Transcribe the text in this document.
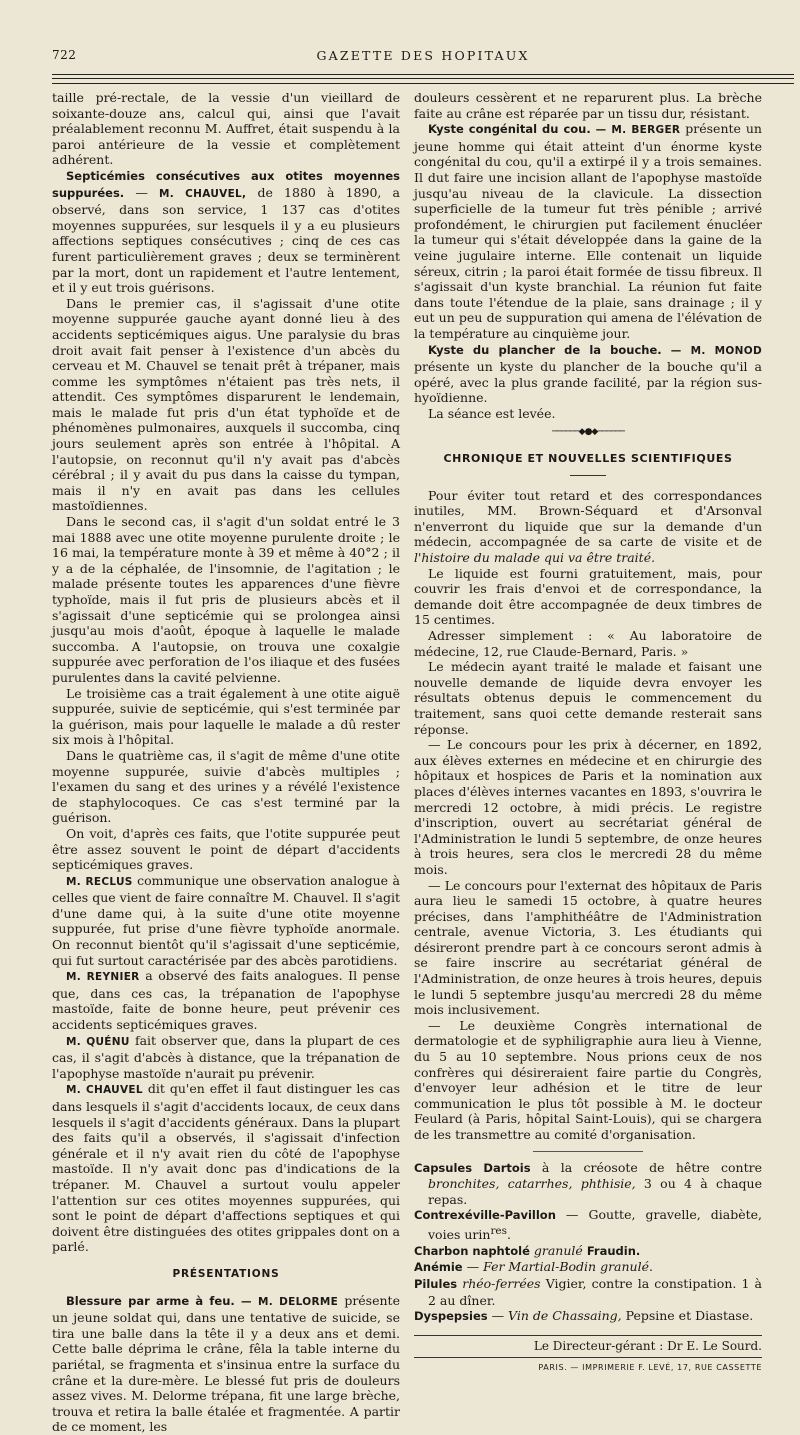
722	GAZETTE DES HOPITAUX

taille pré-rectale, de la vessie d'un vieillard de soixante-douze ans, calcul qui, ainsi que l'avait préalablement reconnu M. Auffret, était suspendu à la paroi antérieure de la vessie et complètement adhérent.

Septicémies consécutives aux otites moyennes suppurées. — M. CHAUVEL, de 1880 à 1890, a observé, dans son service, 1 137 cas d'otites moyennes suppurées, sur lesquels il y a eu plusieurs affections septiques consécutives ; cinq de ces cas furent particulièrement graves ; deux se terminèrent par la mort, dont un rapidement et l'autre lentement, et il y eut trois guérisons.

Dans le premier cas, il s'agissait d'une otite moyenne suppurée gauche ayant donné lieu à des accidents septicémiques aigus. Une paralysie du bras droit avait fait penser à l'existence d'un abcès du cerveau et M. Chauvel se tenait prêt à trépaner, mais comme les symptômes n'étaient pas très nets, il attendit. Ces symptômes disparurent le lendemain, mais le malade fut pris d'un état typhoïde et de phénomènes pulmonaires, auxquels il succomba, cinq jours seulement après son entrée à l'hôpital. A l'autopsie, on reconnut qu'il n'y avait pas d'abcès cérébral ; il y avait du pus dans la caisse du tympan, mais il n'y en avait pas dans les cellules mastoïdiennes.

Dans le second cas, il s'agit d'un soldat entré le 3 mai 1888 avec une otite moyenne purulente droite ; le 16 mai, la température monte à 39 et même à 40°2 ; il y a de la céphalée, de l'insomnie, de l'agitation ; le malade présente toutes les apparences d'une fièvre typhoïde, mais il fut pris de plusieurs abcès et il s'agissait d'une septicémie qui se prolongea ainsi jusqu'au mois d'août, époque à laquelle le malade succomba. A l'autopsie, on trouva une coxalgie suppurée avec perforation de l'os iliaque et des fusées purulentes dans la cavité pelvienne.

Le troisième cas a trait également à une otite aiguë suppurée, suivie de septicémie, qui s'est terminée par la guérison, mais pour laquelle le malade a dû rester six mois à l'hôpital.

Dans le quatrième cas, il s'agit de même d'une otite moyenne suppurée, suivie d'abcès multiples ; l'examen du sang et des urines y a révélé l'existence de staphylocoques. Ce cas s'est terminé par la guérison.

On voit, d'après ces faits, que l'otite suppurée peut être assez souvent le point de départ d'accidents septicémiques graves.

M. RECLUS communique une observation analogue à celles que vient de faire connaître M. Chauvel. Il s'agit d'une dame qui, à la suite d'une otite moyenne suppurée, fut prise d'une fièvre typhoïde anormale. On reconnut bientôt qu'il s'agissait d'une septicémie, qui fut surtout caractérisée par des abcès parotidiens.

M. REYNIER a observé des faits analogues. Il pense que, dans ces cas, la trépanation de l'apophyse mastoïde, faite de bonne heure, peut prévenir ces accidents septicémiques graves.

M. QUÉNU fait observer que, dans la plupart de ces cas, il s'agit d'abcès à distance, que la trépanation de l'apophyse mastoïde n'aurait pu prévenir.

M. CHAUVEL dit qu'en effet il faut distinguer les cas dans lesquels il s'agit d'accidents locaux, de ceux dans lesquels il s'agit d'accidents généraux. Dans la plupart des faits qu'il a observés, il s'agissait d'infection générale et il n'y avait rien du côté de l'apophyse mastoïde. Il n'y avait donc pas d'indications de la trépaner. M. Chauvel a surtout voulu appeler l'attention sur ces otites moyennes suppurées, qui sont le point de départ d'affections septiques et qui doivent être distinguées des otites grippales dont on a parlé.

PRÉSENTATIONS

Blessure par arme à feu. — M. DELORME présente un jeune soldat qui, dans une tentative de suicide, se tira une balle dans la tête il y a deux ans et demi. Cette balle déprima le crâne, fêla la table interne du pariétal, se fragmenta et s'insinua entre la surface du crâne et la dure-mère. Le blessé fut pris de douleurs assez vives. M. Delorme trépana, fit une large brèche, trouva et retira la balle étalée et fragmentée. A partir de ce moment, les

douleurs cessèrent et ne reparurent plus. La brèche faite au crâne est réparée par un tissu dur, résistant.

Kyste congénital du cou. — M. BERGER présente un jeune homme qui était atteint d'un énorme kyste congénital du cou, qu'il a extirpé il y a trois semaines. Il dut faire une incision allant de l'apophyse mastoïde jusqu'au niveau de la clavicule. La dissection superficielle de la tumeur fut très pénible ; arrivé profondément, le chirurgien put facilement énucléer la tumeur qui s'était développée dans la gaine de la veine jugulaire interne. Elle contenait un liquide séreux, citrin ; la paroi était formée de tissu fibreux. Il s'agissait d'un kyste branchial. La réunion fut faite dans toute l'étendue de la plaie, sans drainage ; il y eut un peu de suppuration qui amena de l'élévation de la température au cinquième jour.

Kyste du plancher de la bouche. — M. MONOD présente un kyste du plancher de la bouche qu'il a opéré, avec la plus grande facilité, par la région sus-hyoïdienne.

La séance est levée.

──────◆●◆──────
CHRONIQUE ET NOUVELLES SCIENTIFIQUES

Pour éviter tout retard et des correspondances inutiles, MM. Brown-Séquard et d'Arsonval n'enverront du liquide que sur la demande d'un médecin, accompagnée de sa carte de visite et de l'histoire du malade qui va être traité.

Le liquide est fourni gratuitement, mais, pour couvrir les frais d'envoi et de correspondance, la demande doit être accompagnée de deux timbres de 15 centimes.

Adresser simplement : « Au laboratoire de médecine, 12, rue Claude-Bernard, Paris. »

Le médecin ayant traité le malade et faisant une nouvelle demande de liquide devra envoyer les résultats obtenus depuis le commencement du traitement, sans quoi cette demande resterait sans réponse.

— Le concours pour les prix à décerner, en 1892, aux élèves externes en médecine et en chirurgie des hôpitaux et hospices de Paris et la nomination aux places d'élèves internes vacantes en 1893, s'ouvrira le mercredi 12 octobre, à midi précis. Le registre d'inscription, ouvert au secrétariat général de l'Administration le lundi 5 septembre, de onze heures à trois heures, sera clos le mercredi 28 du même mois.

— Le concours pour l'externat des hôpitaux de Paris aura lieu le samedi 15 octobre, à quatre heures précises, dans l'amphithéâtre de l'Administration centrale, avenue Victoria, 3. Les étudiants qui désireront prendre part à ce concours seront admis à se faire inscrire au secrétariat général de l'Administration, de onze heures à trois heures, depuis le lundi 5 septembre jusqu'au mercredi 28 du même mois inclusivement.

— Le deuxième Congrès international de dermatologie et de syphiligraphie aura lieu à Vienne, du 5 au 10 septembre. Nous prions ceux de nos confrères qui désireraient faire partie du Congrès, d'envoyer leur adhésion et le titre de leur communication le plus tôt possible à M. le docteur Feulard (à Paris, hôpital Saint-Louis), qui se chargera de les transmettre au comité d'organisation.

Capsules Dartois à la créosote de hêtre contre bronchites, catarrhes, phthisie, 3 ou 4 à chaque repas.

Contrexéville-Pavillon — Goutte, gravelle, diabète, voies urin$^{res}$.

Charbon naphtolé granulé Fraudin.

Anémie — Fer Martial-Bodin granulé.

Pilules rhéo-ferrées Vigier, contre la constipation. 1 à 2 au dîner.

Dyspepsies — Vin de Chassaing, Pepsine et Diastase.

Le Directeur-gérant : Dr E. Le Sourd.
PARIS. — IMPRIMERIE F. LEVÉ, 17, RUE CASSETTE
